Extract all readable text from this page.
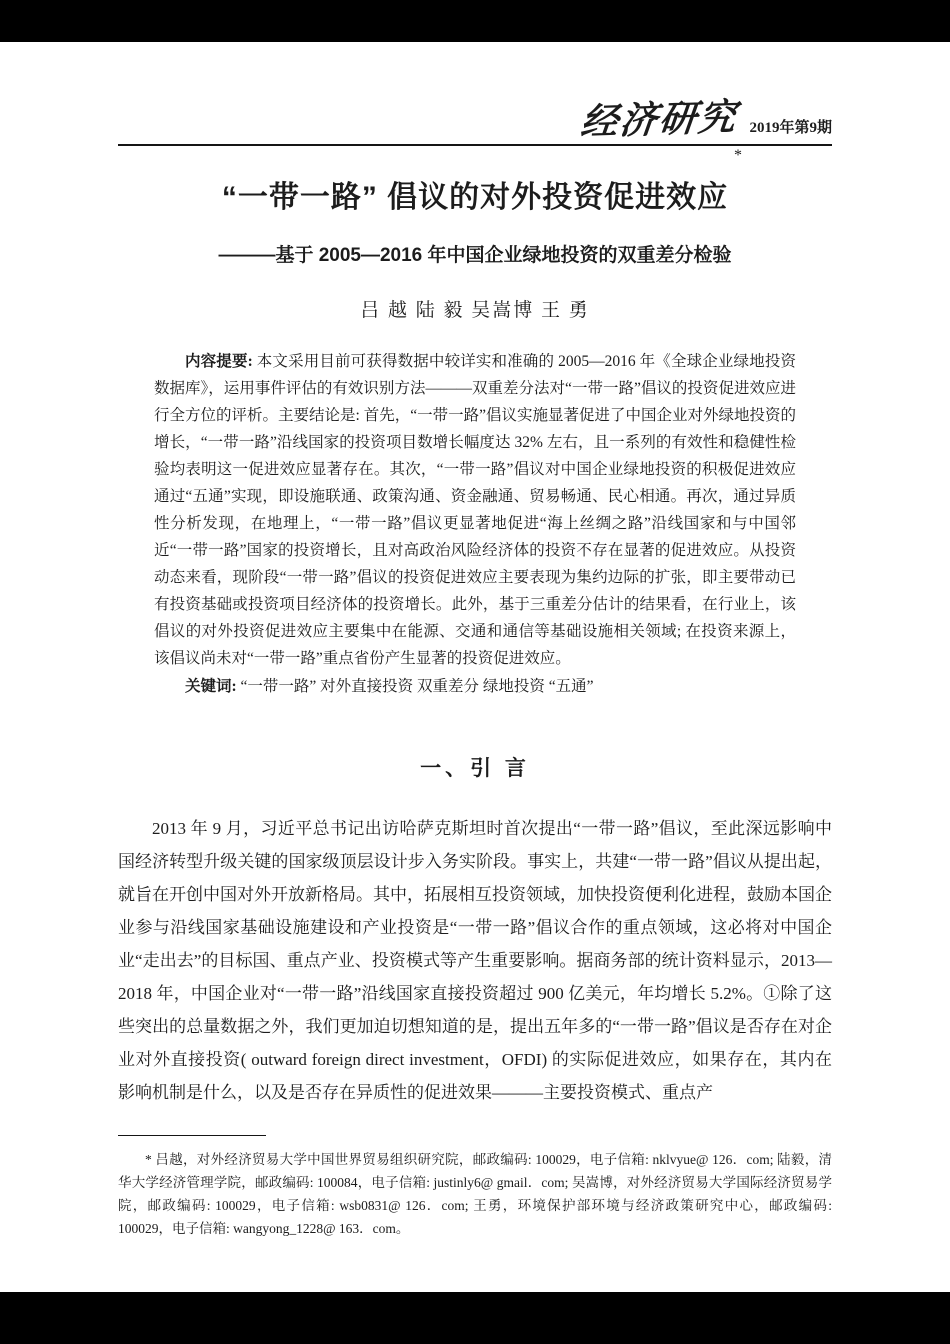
经济研究 2019年第9期
*
“一带一路” 倡议的对外投资促进效应
———基于 2005—2016 年中国企业绿地投资的双重差分检验
吕 越 陆 毅 吴嵩博 王 勇

内容提要: 本文采用目前可获得数据中较详实和准确的 2005—2016 年《全球企业绿地投资数据库》，运用事件评估的有效识别方法———双重差分法对“一带一路”倡议的投资促进效应进行全方位的评析。主要结论是: 首先，“一带一路”倡议实施显著促进了中国企业对外绿地投资的增长，“一带一路”沿线国家的投资项目数增长幅度达 32% 左右，且一系列的有效性和稳健性检验均表明这一促进效应显著存在。其次，“一带一路”倡议对中国企业绿地投资的积极促进效应通过“五通”实现，即设施联通、政策沟通、资金融通、贸易畅通、民心相通。再次，通过异质性分析发现，在地理上，“一带一路”倡议更显著地促进“海上丝绸之路”沿线国家和与中国邻近“一带一路”国家的投资增长，且对高政治风险经济体的投资不存在显著的促进效应。从投资动态来看，现阶段“一带一路”倡议的投资促进效应主要表现为集约边际的扩张，即主要带动已有投资基础或投资项目经济体的投资增长。此外，基于三重差分估计的结果看，在行业上，该倡议的对外投资促进效应主要集中在能源、交通和通信等基础设施相关领域; 在投资来源上，该倡议尚未对“一带一路”重点省份产生显著的投资促进效应。

关键词: “一带一路” 对外直接投资 双重差分 绿地投资 “五通”

一、引 言

2013 年 9 月，习近平总书记出访哈萨克斯坦时首次提出“一带一路”倡议，至此深远影响中国经济转型升级关键的国家级顶层设计步入务实阶段。事实上，共建“一带一路”倡议从提出起，就旨在开创中国对外开放新格局。其中，拓展相互投资领域，加快投资便利化进程，鼓励本国企业参与沿线国家基础设施建设和产业投资是“一带一路”倡议合作的重点领域，这必将对中国企业“走出去”的目标国、重点产业、投资模式等产生重要影响。据商务部的统计资料显示，2013—2018 年，中国企业对“一带一路”沿线国家直接投资超过 900 亿美元，年均增长 5.2%。①除了这些突出的总量数据之外，我们更加迫切想知道的是，提出五年多的“一带一路”倡议是否存在对企业对外直接投资( outward foreign direct investment，OFDI) 的实际促进效应，如果存在，其内在影响机制是什么，以及是否存在异质性的促进效果———主要投资模式、重点产

* 吕越，对外经济贸易大学中国世界贸易组织研究院，邮政编码: 100029，电子信箱: nklvyue@ 126．com; 陆毅，清华大学经济管理学院，邮政编码: 100084，电子信箱: justinly6@ gmail．com; 吴嵩博，对外经济贸易大学国际经济贸易学院，邮政编码: 100029，电子信箱: wsb0831@ 126．com; 王勇，环境保护部环境与经济政策研究中心，邮政编码: 100029，电子信箱: wangyong_1228@ 163．com。
